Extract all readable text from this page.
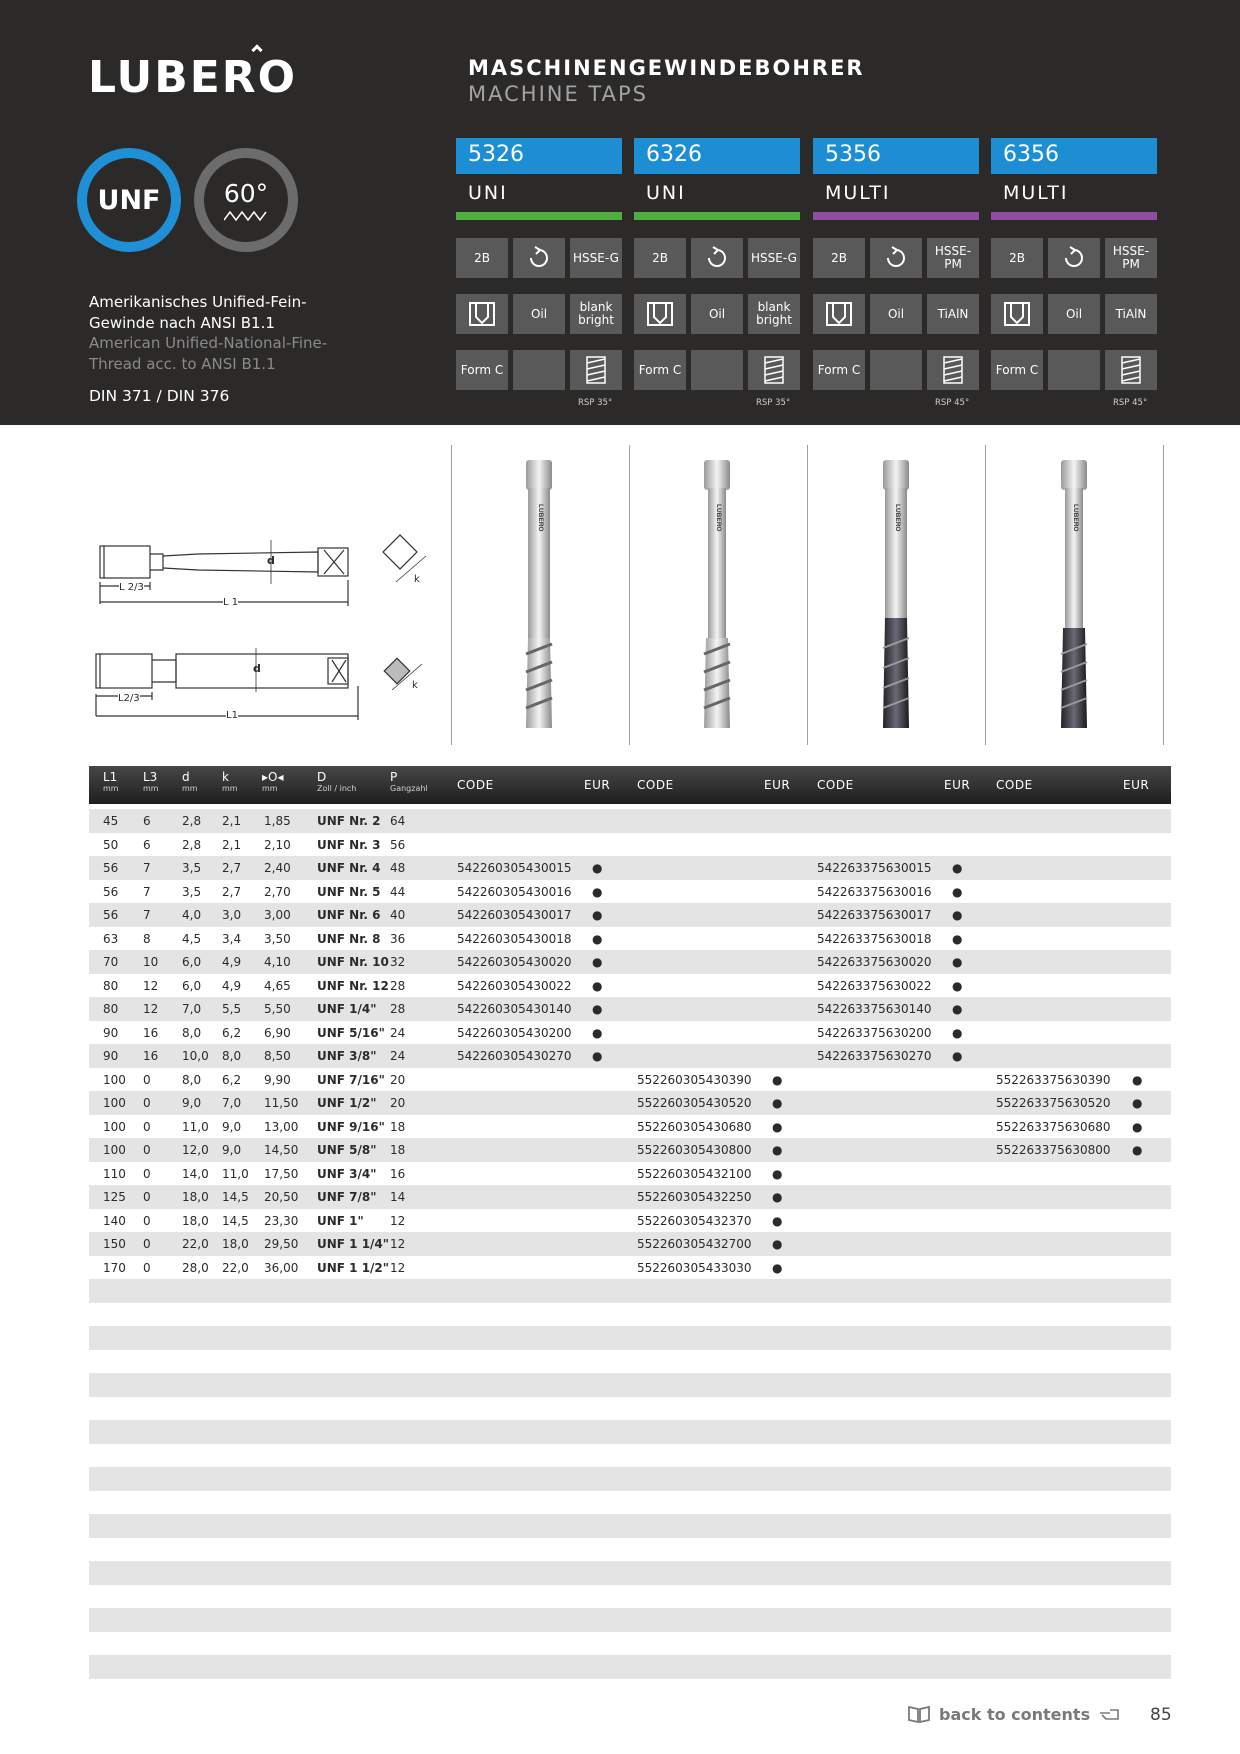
LUBERO	MASCHINENGEWINDEBOHRER
MACHINE TAPS
UNF	60°
Amerikanisches Unified-Fein-
Gewinde nach ANSI B1.1
American Unified-National-Fine-
Thread acc. to ANSI B1.1
DIN 371 / DIN 376
5326
UNI
6326
UNI
5356
MULTI
6356
MULTI
2B	HSSE-G
Oil	blank bright
Form C
RSP 35°
2B	HSSE-G
Oil	blank bright
Form C
RSP 35°
2B	HSSE-PM
Oil	TiAlN
Form C
RSP 45°
2B	HSSE-PM
Oil	TiAlN
Form C
RSP 45°
L 2/3
L 1
d
k
L2/3
L1
d
k
LUBERO	LUBERO	LUBERO	LUBERO
L1
mm
L3
mm
d
mm
k
mm
▸O◂
mm
D
Zoll / inch
P
Gangzahl CODE	EUR CODE	EUR CODE	EUR CODE	EUR
45 6	2,8 2,1 1,85 UNF Nr. 2 64
50 6	2,8 2,1 2,10 UNF Nr. 3 56
56 7	3,5 2,7 2,40 UNF Nr. 4 48	542260305430015 ●	542263375630015 ●
56 7	3,5 2,7 2,70 UNF Nr. 5 44	542260305430016 ●	542263375630016 ●
56 7	4,0 3,0 3,00 UNF Nr. 6 40	542260305430017 ●	542263375630017 ●
63 8	4,5 3,4 3,50 UNF Nr. 8 36	542260305430018 ●	542263375630018 ●
70 10 6,0 4,9 4,10 UNF Nr. 10 32	542260305430020 ●	542263375630020 ●
80 12 6,0 4,9 4,65 UNF Nr. 12 28	542260305430022 ●	542263375630022 ●
80 12 7,0 5,5 5,50 UNF 1/4" 28	542260305430140 ●	542263375630140 ●
90 16 8,0 6,2 6,90 UNF 5/16" 24	542260305430200 ●	542263375630200 ●
90 16 10,0 8,0 8,50 UNF 3/8" 24	542260305430270 ●	542263375630270 ●
100 0	8,0 6,2 9,90 UNF 7/16" 20	552260305430390 ●	552263375630390 ●
100 0	9,0 7,0 11,50 UNF 1/2" 20	552260305430520 ●	552263375630520 ●
100 0	11,0 9,0 13,00 UNF 9/16" 18	552260305430680 ●	552263375630680 ●
100 0	12,0 9,0 14,50 UNF 5/8" 18	552260305430800 ●	552263375630800 ●
110 0	14,0 11,0 17,50 UNF 3/4" 16	552260305432100 ●
125 0	18,0 14,5 20,50 UNF 7/8" 14	552260305432250 ●
140 0	18,0 14,5 23,30 UNF 1" 12	552260305432370 ●
150 0	22,0 18,0 29,50 UNF 1 1/4" 12	552260305432700 ●
170 0	28,0 22,0 36,00 UNF 1 1/2" 12	552260305433030 ●
back to contents	85
